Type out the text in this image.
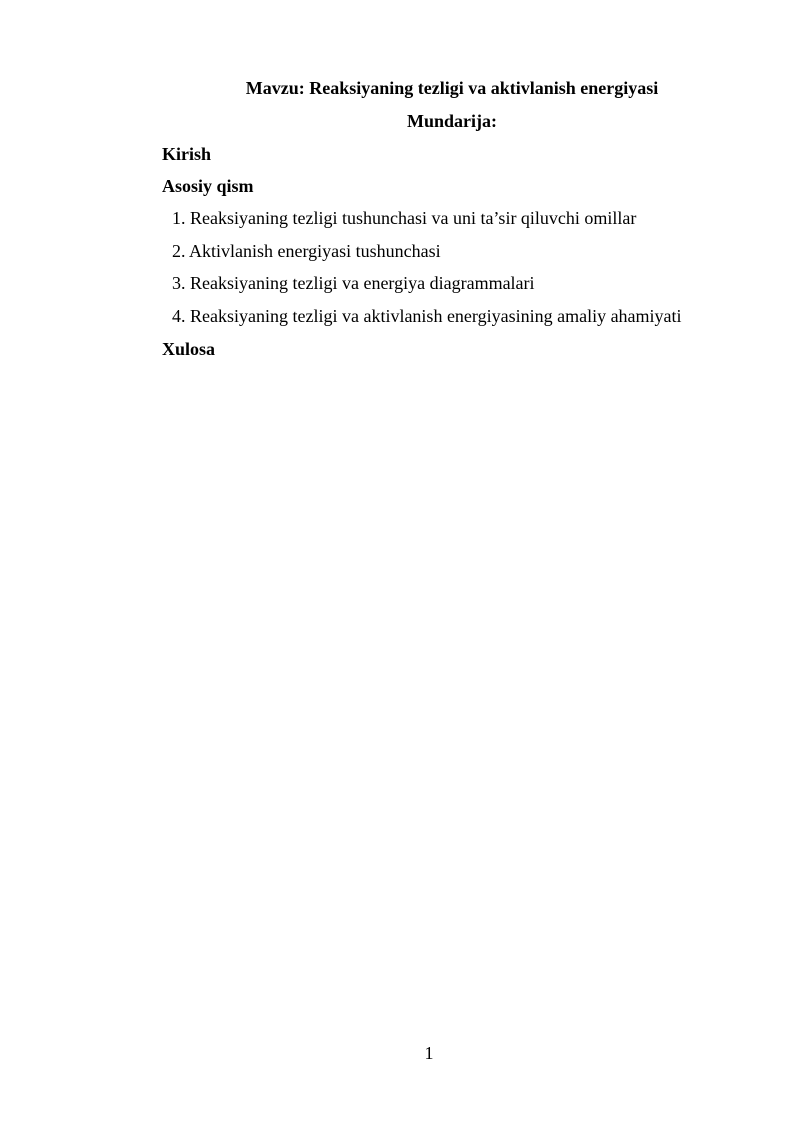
Mavzu: Reaksiyaning tezligi va aktivlanish energiyasi
Mundarija:
Kirish
Asosiy qism
1. Reaksiyaning tezligi tushunchasi va uni ta’sir qiluvchi omillar
2. Aktivlanish energiyasi tushunchasi
3. Reaksiyaning tezligi va energiya diagrammalari
4. Reaksiyaning tezligi va aktivlanish energiyasining amaliy ahamiyati
Xulosa
1
